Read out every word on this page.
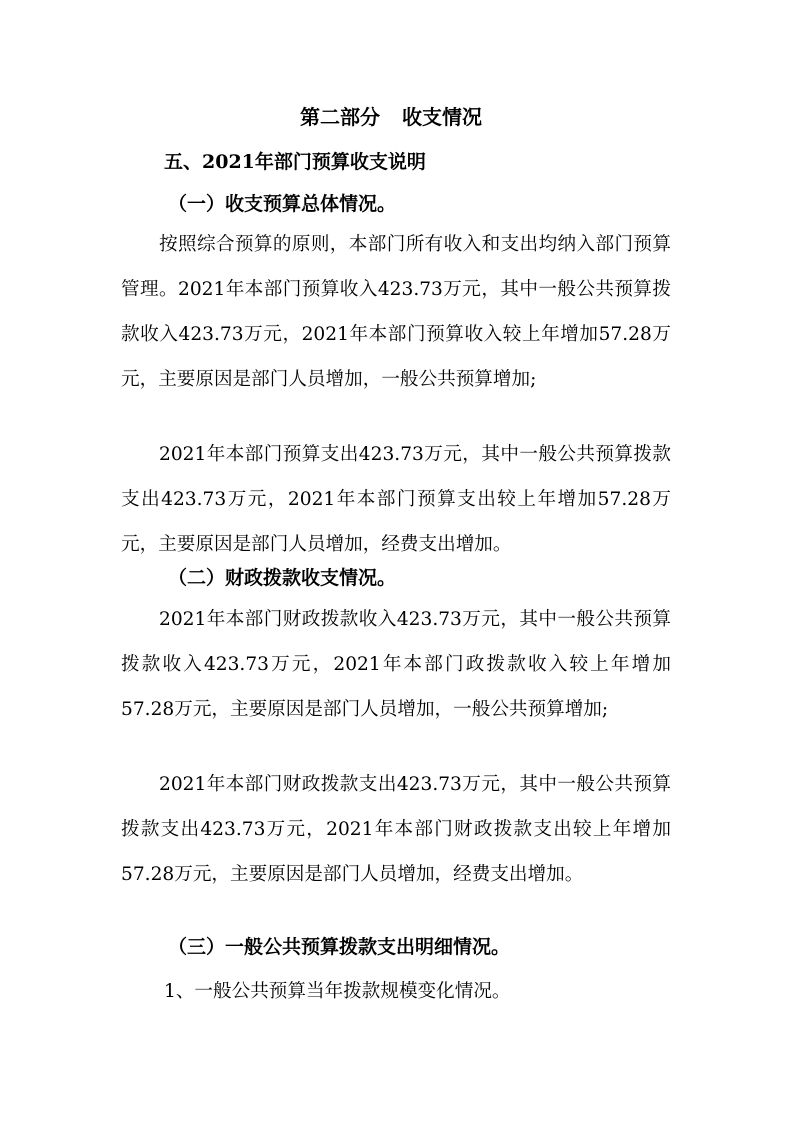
第二部分 收支情况
五、2021年部门预算收支说明
（一）收支预算总体情况。

按照综合预算的原则，本部门所有收入和支出均纳入部门预算管理。2021年本部门预算收入423.73万元，其中一般公共预算拨款收入423.73万元，2021年本部门预算收入较上年增加57.28万元，主要原因是部门人员增加，一般公共预算增加;

2021年本部门预算支出423.73万元，其中一般公共预算拨款支出423.73万元，2021年本部门预算支出较上年增加57.28万元，主要原因是部门人员增加，经费支出增加。

（二）财政拨款收支情况。

2021年本部门财政拨款收入423.73万元，其中一般公共预算拨款收入423.73万元，2021年本部门政拨款收入较上年增加57.28万元，主要原因是部门人员增加，一般公共预算增加;

2021年本部门财政拨款支出423.73万元，其中一般公共预算拨款支出423.73万元，2021年本部门财政拨款支出较上年增加57.28万元，主要原因是部门人员增加，经费支出增加。

（三）一般公共预算拨款支出明细情况。
1、一般公共预算当年拨款规模变化情况。
